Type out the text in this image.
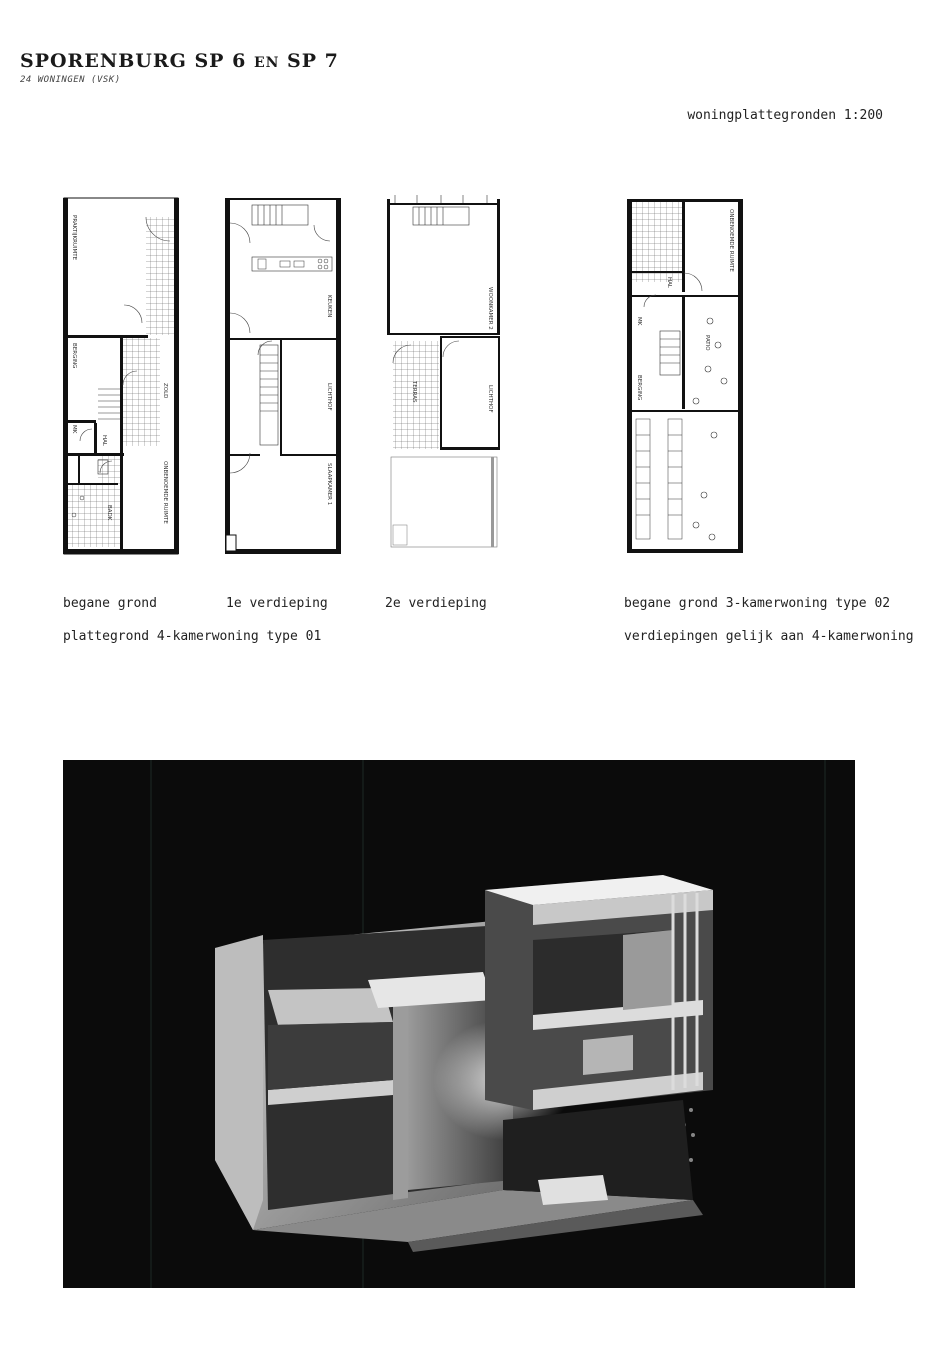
SPORENBURG SP 6 EN SP 7
24 WONINGEN (VSK)
woningplattegronden 1:200
PRAKTIJKRUIMTE
BERGING
ZOLD
MK
HAL
BADK	ONBENOEMDE RUIMTE
KEUKEN
LICHTHOF
SLAAPKAMER 1
WOONKAMER 2
TERRAS	LICHTHOF
ONBENOEMDE RUIMTE
MK
HAL
PATIO
BERGING
begane grond	1e verdieping	2e verdieping	begane grond 3-kamerwoning type 02
plattegrond 4-kamerwoning type 01	verdiepingen gelijk aan 4-kamerwoning
